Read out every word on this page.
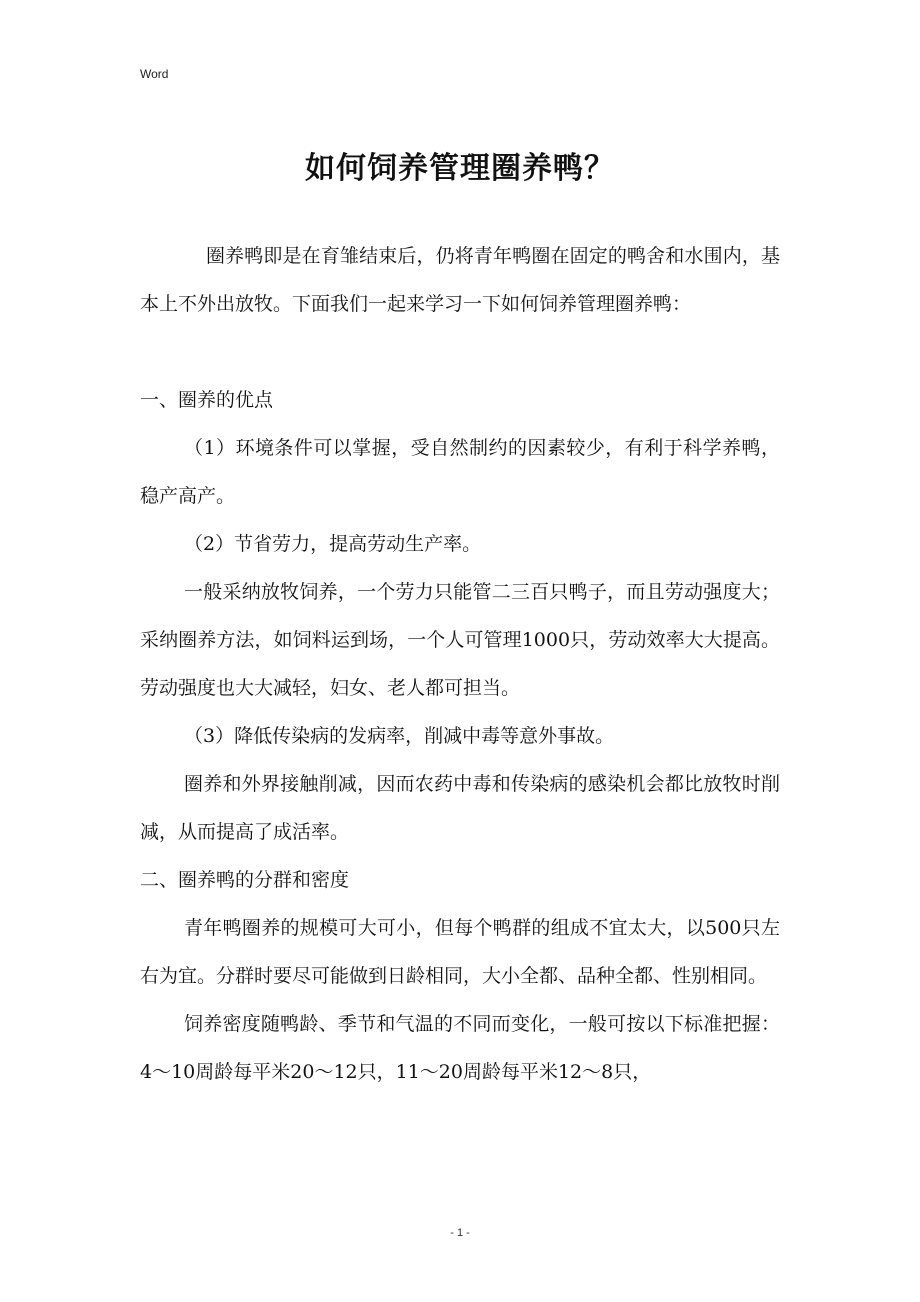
Word
如何饲养管理圈养鸭？

圈养鸭即是在育雏结束后，仍将青年鸭圈在固定的鸭舍和水围内，基本上不外出放牧。下面我们一起来学习一下如何饲养管理圈养鸭：

一、圈养的优点

（1）环境条件可以掌握，受自然制约的因素较少，有利于科学养鸭，稳产高产。

（2）节省劳力，提高劳动生产率。

一般采纳放牧饲养，一个劳力只能管二三百只鸭子，而且劳动强度大；采纳圈养方法，如饲料运到场，一个人可管理1000只，劳动效率大大提高。劳动强度也大大减轻，妇女、老人都可担当。

（3）降低传染病的发病率，削减中毒等意外事故。

圈养和外界接触削减，因而农药中毒和传染病的感染机会都比放牧时削减，从而提高了成活率。

二、圈养鸭的分群和密度

青年鸭圈养的规模可大可小，但每个鸭群的组成不宜太大，以500只左右为宜。分群时要尽可能做到日龄相同，大小全都、品种全都、性别相同。

饲养密度随鸭龄、季节和气温的不同而变化，一般可按以下标准把握：4～10周龄每平米20～12只，11～20周龄每平米12～8只，

- 1 -
